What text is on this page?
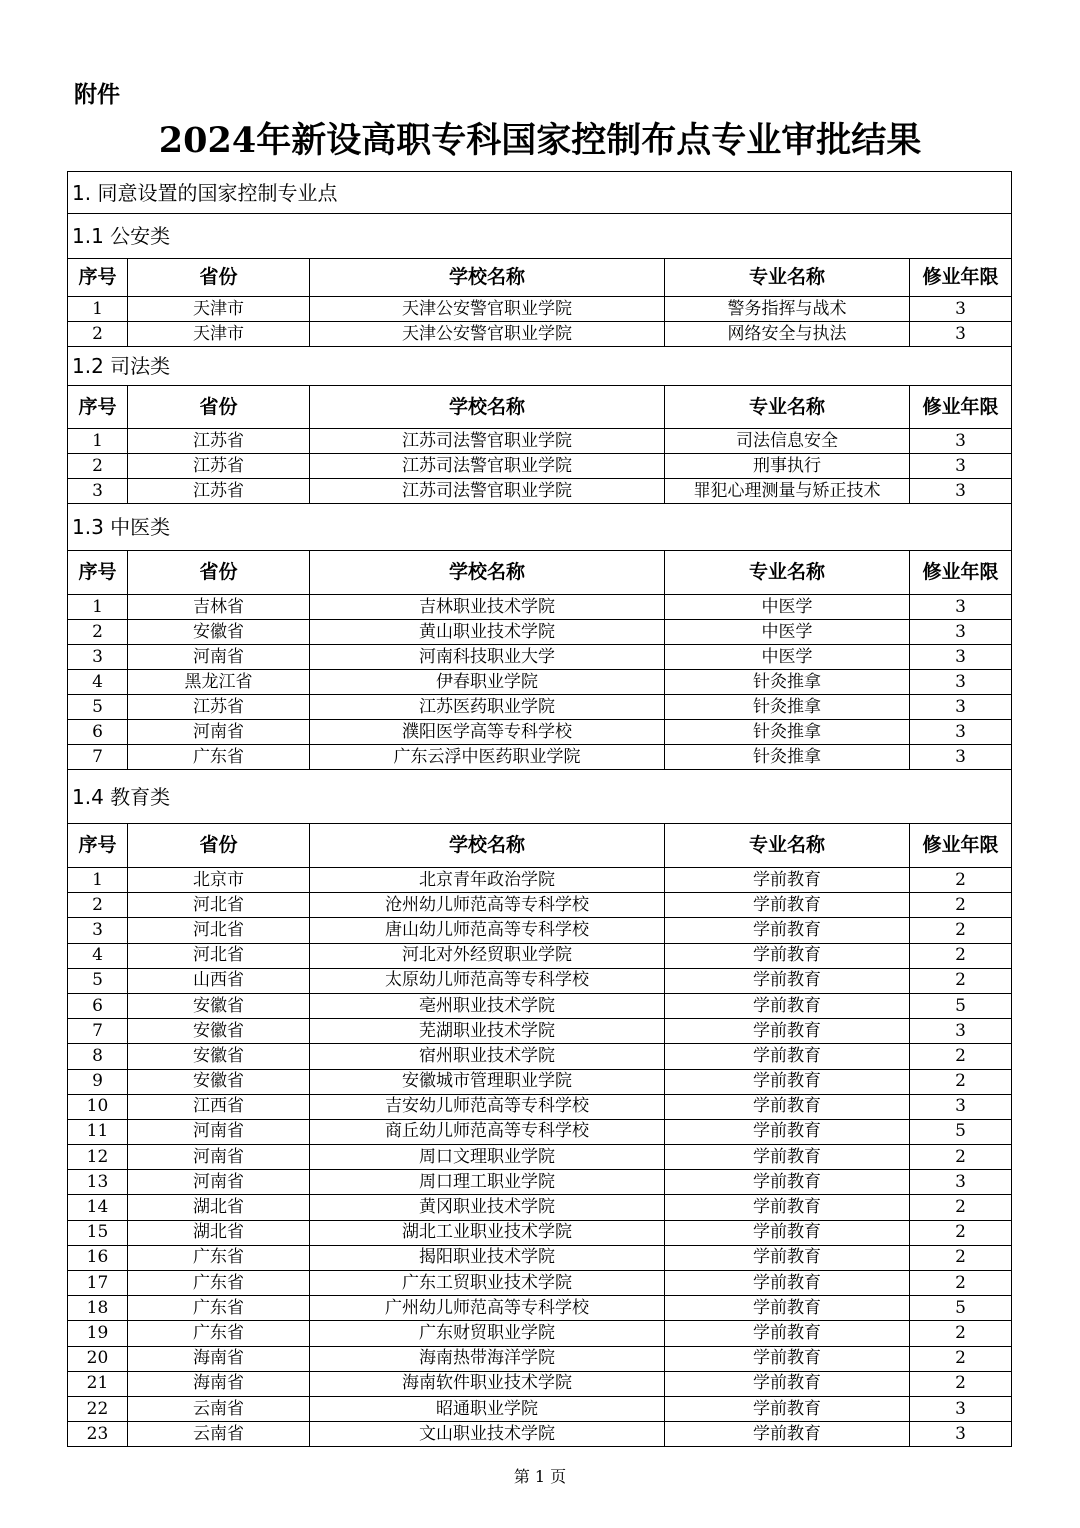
附件
2024年新设高职专科国家控制布点专业审批结果
1. 同意设置的国家控制专业点				
1.1 公安类				
序号	省份	学校名称	专业名称	修业年限
1	天津市	天津公安警官职业学院	警务指挥与战术	3
2	天津市	天津公安警官职业学院	网络安全与执法	3
1.2 司法类				
序号	省份	学校名称	专业名称	修业年限
1	江苏省	江苏司法警官职业学院	司法信息安全	3
2	江苏省	江苏司法警官职业学院	刑事执行	3
3	江苏省	江苏司法警官职业学院	罪犯心理测量与矫正技术	3
1.3 中医类				
序号	省份	学校名称	专业名称	修业年限
1	吉林省	吉林职业技术学院	中医学	3
2	安徽省	黄山职业技术学院	中医学	3
3	河南省	河南科技职业大学	中医学	3
4	黑龙江省	伊春职业学院	针灸推拿	3
5	江苏省	江苏医药职业学院	针灸推拿	3
6	河南省	濮阳医学高等专科学校	针灸推拿	3
7	广东省	广东云浮中医药职业学院	针灸推拿	3
1.4 教育类				
序号	省份	学校名称	专业名称	修业年限
1	北京市	北京青年政治学院	学前教育	2
2	河北省	沧州幼儿师范高等专科学校	学前教育	2
3	河北省	唐山幼儿师范高等专科学校	学前教育	2
4	河北省	河北对外经贸职业学院	学前教育	2
5	山西省	太原幼儿师范高等专科学校	学前教育	2
6	安徽省	亳州职业技术学院	学前教育	5
7	安徽省	芜湖职业技术学院	学前教育	3
8	安徽省	宿州职业技术学院	学前教育	2
9	安徽省	安徽城市管理职业学院	学前教育	2
10	江西省	吉安幼儿师范高等专科学校	学前教育	3
11	河南省	商丘幼儿师范高等专科学校	学前教育	5
12	河南省	周口文理职业学院	学前教育	2
13	河南省	周口理工职业学院	学前教育	3
14	湖北省	黄冈职业技术学院	学前教育	2
15	湖北省	湖北工业职业技术学院	学前教育	2
16	广东省	揭阳职业技术学院	学前教育	2
17	广东省	广东工贸职业技术学院	学前教育	2
18	广东省	广州幼儿师范高等专科学校	学前教育	5
19	广东省	广东财贸职业学院	学前教育	2
20	海南省	海南热带海洋学院	学前教育	2
21	海南省	海南软件职业技术学院	学前教育	2
22	云南省	昭通职业学院	学前教育	3
23	云南省	文山职业技术学院	学前教育	3
第 1 页
